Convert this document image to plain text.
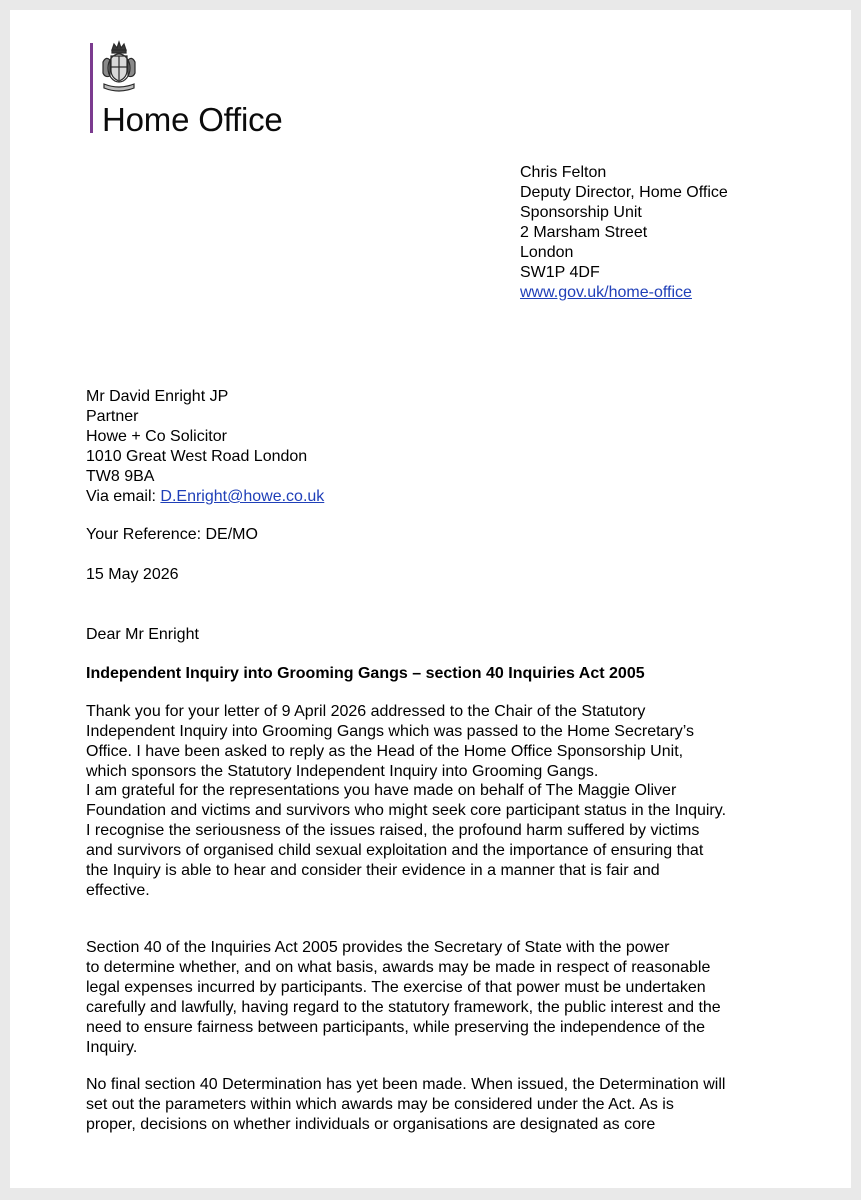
Home Office
Chris Felton
Deputy Director, Home Office
Sponsorship Unit
2 Marsham Street
London
SW1P 4DF
www.gov.uk/home-office
Mr David Enright JP
Partner
Howe + Co Solicitor
1010 Great West Road London
TW8 9BA
Via email: D.Enright@howe.co.uk
Your Reference: DE/MO
15 May 2026
Dear Mr Enright
Independent Inquiry into Grooming Gangs – section 40 Inquiries Act 2005
Thank you for your letter of 9 April 2026 addressed to the Chair of the Statutory
Independent Inquiry into Grooming Gangs which was passed to the Home Secretary’s
Office. I have been asked to reply as the Head of the Home Office Sponsorship Unit,
which sponsors the Statutory Independent Inquiry into Grooming Gangs.
I am grateful for the representations you have made on behalf of The Maggie Oliver
Foundation and victims and survivors who might seek core participant status in the Inquiry.
I recognise the seriousness of the issues raised, the profound harm suffered by victims
and survivors of organised child sexual exploitation and the importance of ensuring that
the Inquiry is able to hear and consider their evidence in a manner that is fair and
effective.
Section 40 of the Inquiries Act 2005 provides the Secretary of State with the power
to determine whether, and on what basis, awards may be made in respect of reasonable
legal expenses incurred by participants. The exercise of that power must be undertaken
carefully and lawfully, having regard to the statutory framework, the public interest and the
need to ensure fairness between participants, while preserving the independence of the
Inquiry.
No final section 40 Determination has yet been made. When issued, the Determination will
set out the parameters within which awards may be considered under the Act. As is
proper, decisions on whether individuals or organisations are designated as core
